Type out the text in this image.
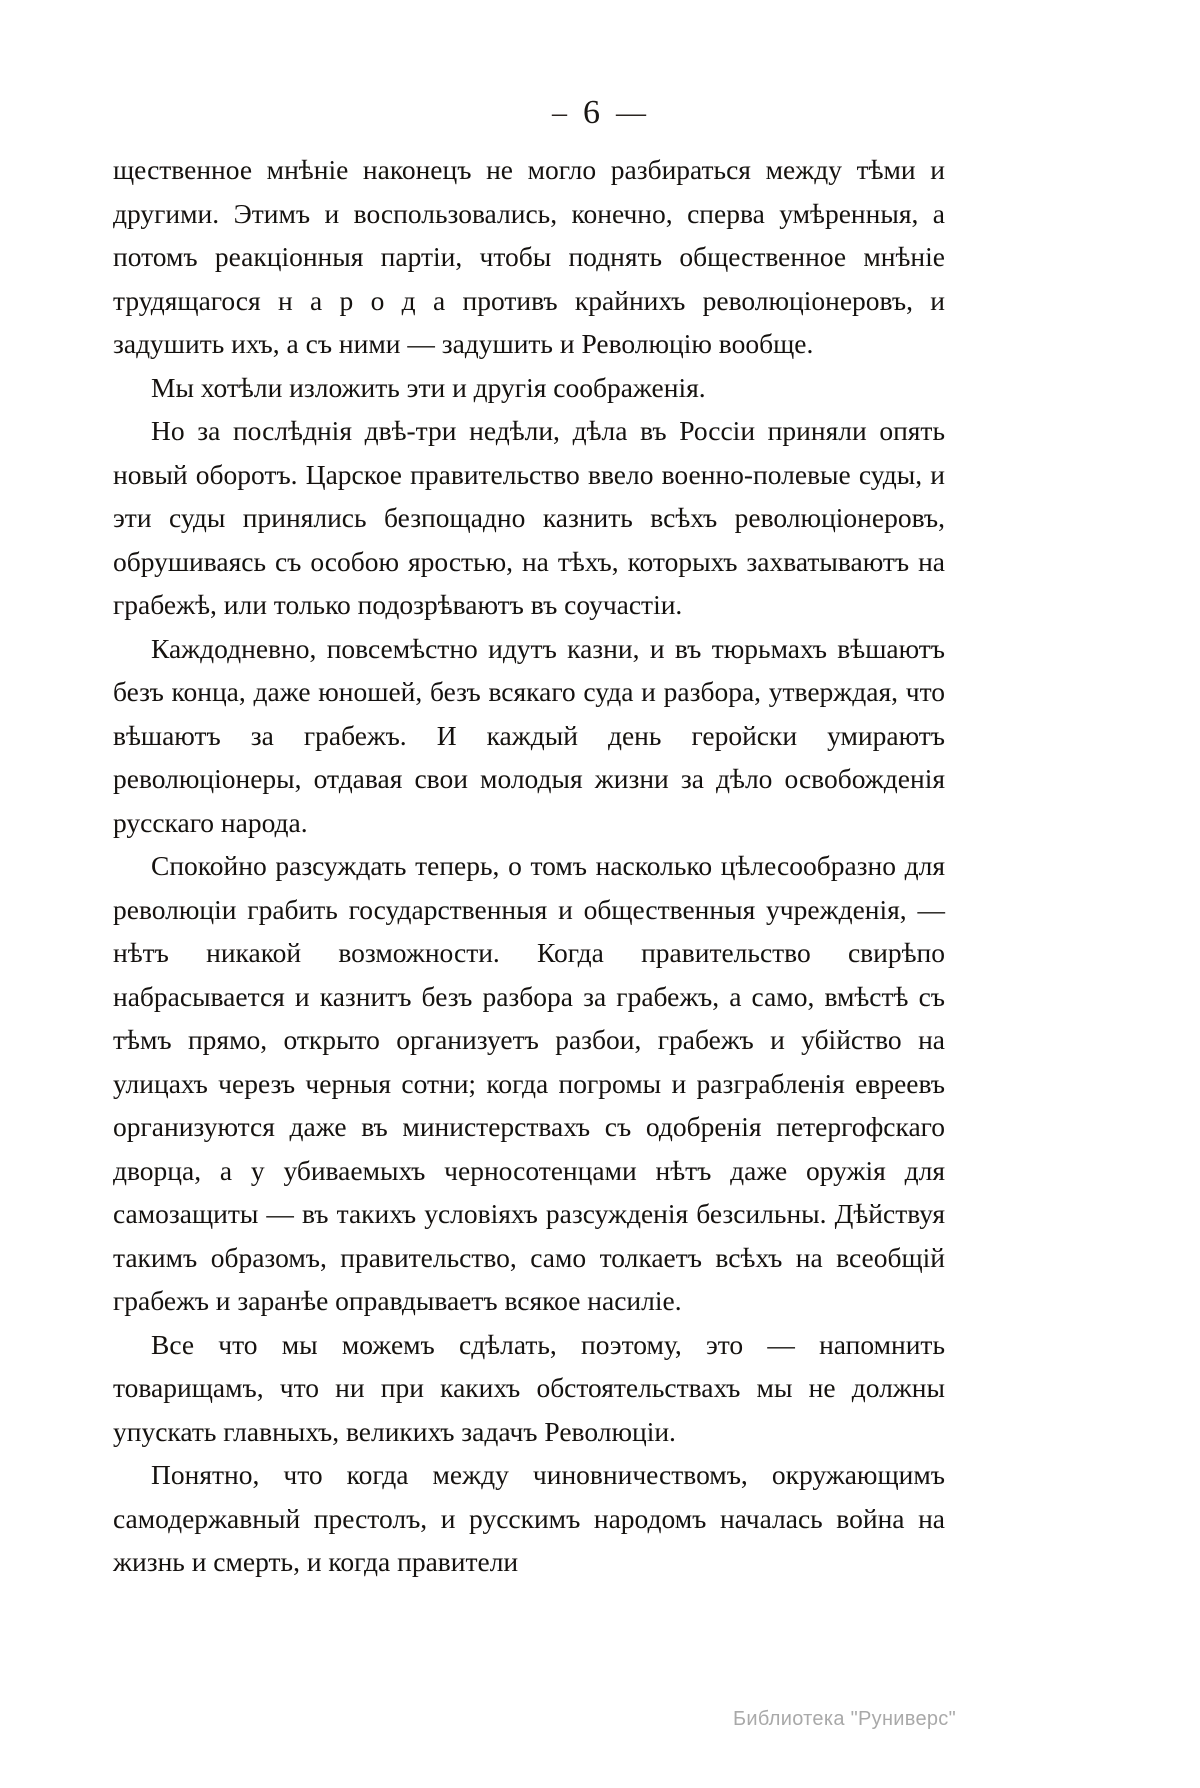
– 6 —

щественное мнѣніе наконецъ не могло разбираться между тѣми и другими. Этимъ и воспользовались, конечно, сперва умѣренныя, а потомъ реакціонныя партіи, чтобы поднять общественное мнѣніе трудящагося н а р о д а противъ крайнихъ революціонеровъ, и задушить ихъ, а съ ними — задушить и Революцію вообще.

Мы хотѣли изложить эти и другія соображенія.

Но за послѣднія двѣ-три недѣли, дѣла въ Россіи приняли опять новый оборотъ. Царское правительство ввело военно-полевые суды, и эти суды принялись безпощадно казнить всѣхъ революціонеровъ, обрушиваясь съ особою яростью, на тѣхъ, которыхъ захватываютъ на грабежѣ, или только подозрѣваютъ въ соучастіи.

Каждодневно, повсемѣстно идутъ казни, и въ тюрьмахъ вѣшаютъ безъ конца, даже юношей, безъ всякаго суда и разбора, утверждая, что вѣшаютъ за грабежъ. И каждый день геройски умираютъ революціонеры, отдавая свои молодыя жизни за дѣло освобожденія русскаго народа.

Спокойно разсуждать теперь, о томъ насколько цѣлесообразно для революціи грабить государственныя и общественныя учрежденія, — нѣтъ никакой возможности. Когда правительство свирѣпо набрасывается и казнитъ безъ разбора за грабежъ, а само, вмѣстѣ съ тѣмъ прямо, открыто организуетъ разбои, грабежъ и убійство на улицахъ черезъ черныя сотни; когда погромы и разграбленія евреевъ организуются даже въ министерствахъ съ одобренія петергофскаго дворца, а у убиваемыхъ черносотенцами нѣтъ даже оружія для самозащиты — въ такихъ условіяхъ разсужденія безсильны. Дѣйствуя такимъ образомъ, правительство, само толкаетъ всѣхъ на всеобщій грабежъ и заранѣе оправдываетъ всякое насиліе.

Все что мы можемъ сдѣлать, поэтому, это — напомнить товарищамъ, что ни при какихъ обстоятельствахъ мы не должны упускать главныхъ, великихъ задачъ Революціи.

Понятно, что когда между чиновничествомъ, окружающимъ самодержавный престолъ, и русскимъ народомъ началась война на жизнь и смерть, и когда правители

Библиотека "Руниверс"
